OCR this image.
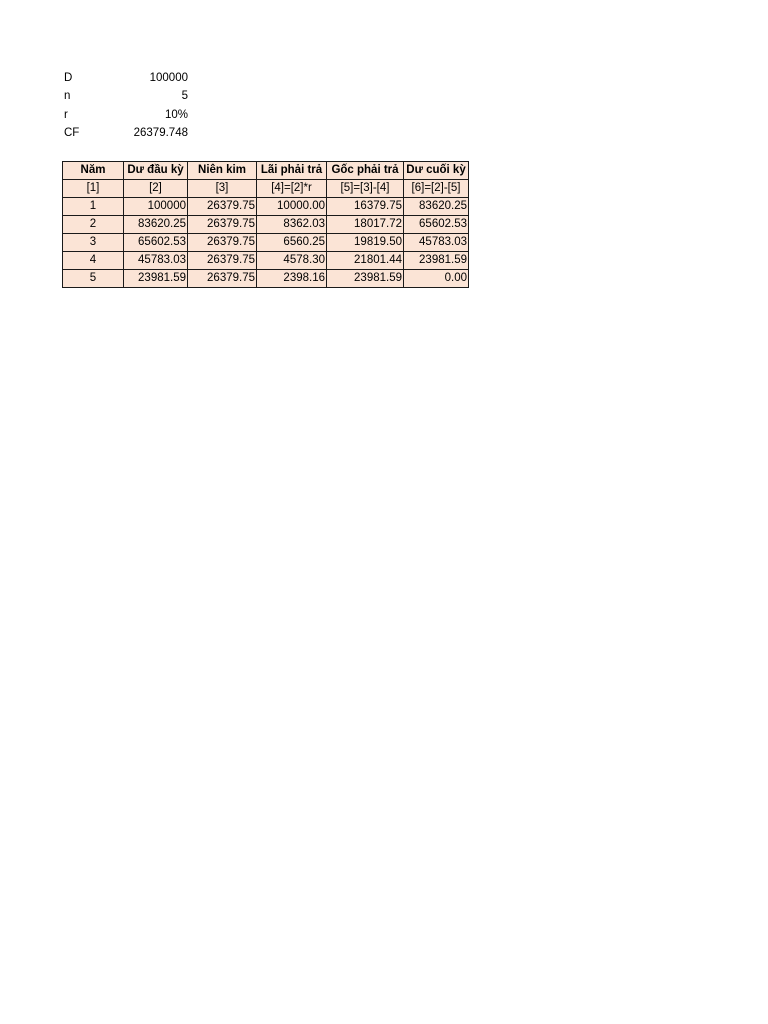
D	100000
n	5
r	10%
CF	26379.748
Năm	Dư đầu kỳ	Niên kim	Lãi phải trả	Gốc phải trả	Dư cuối kỳ
[1]	[2]	[3]	[4]=[2]*r	[5]=[3]-[4]	[6]=[2]-[5]
1	100000	26379.75	10000.00	16379.75	83620.25
2	83620.25	26379.75	8362.03	18017.72	65602.53
3	65602.53	26379.75	6560.25	19819.50	45783.03
4	45783.03	26379.75	4578.30	21801.44	23981.59
5	23981.59	26379.75	2398.16	23981.59	0.00
